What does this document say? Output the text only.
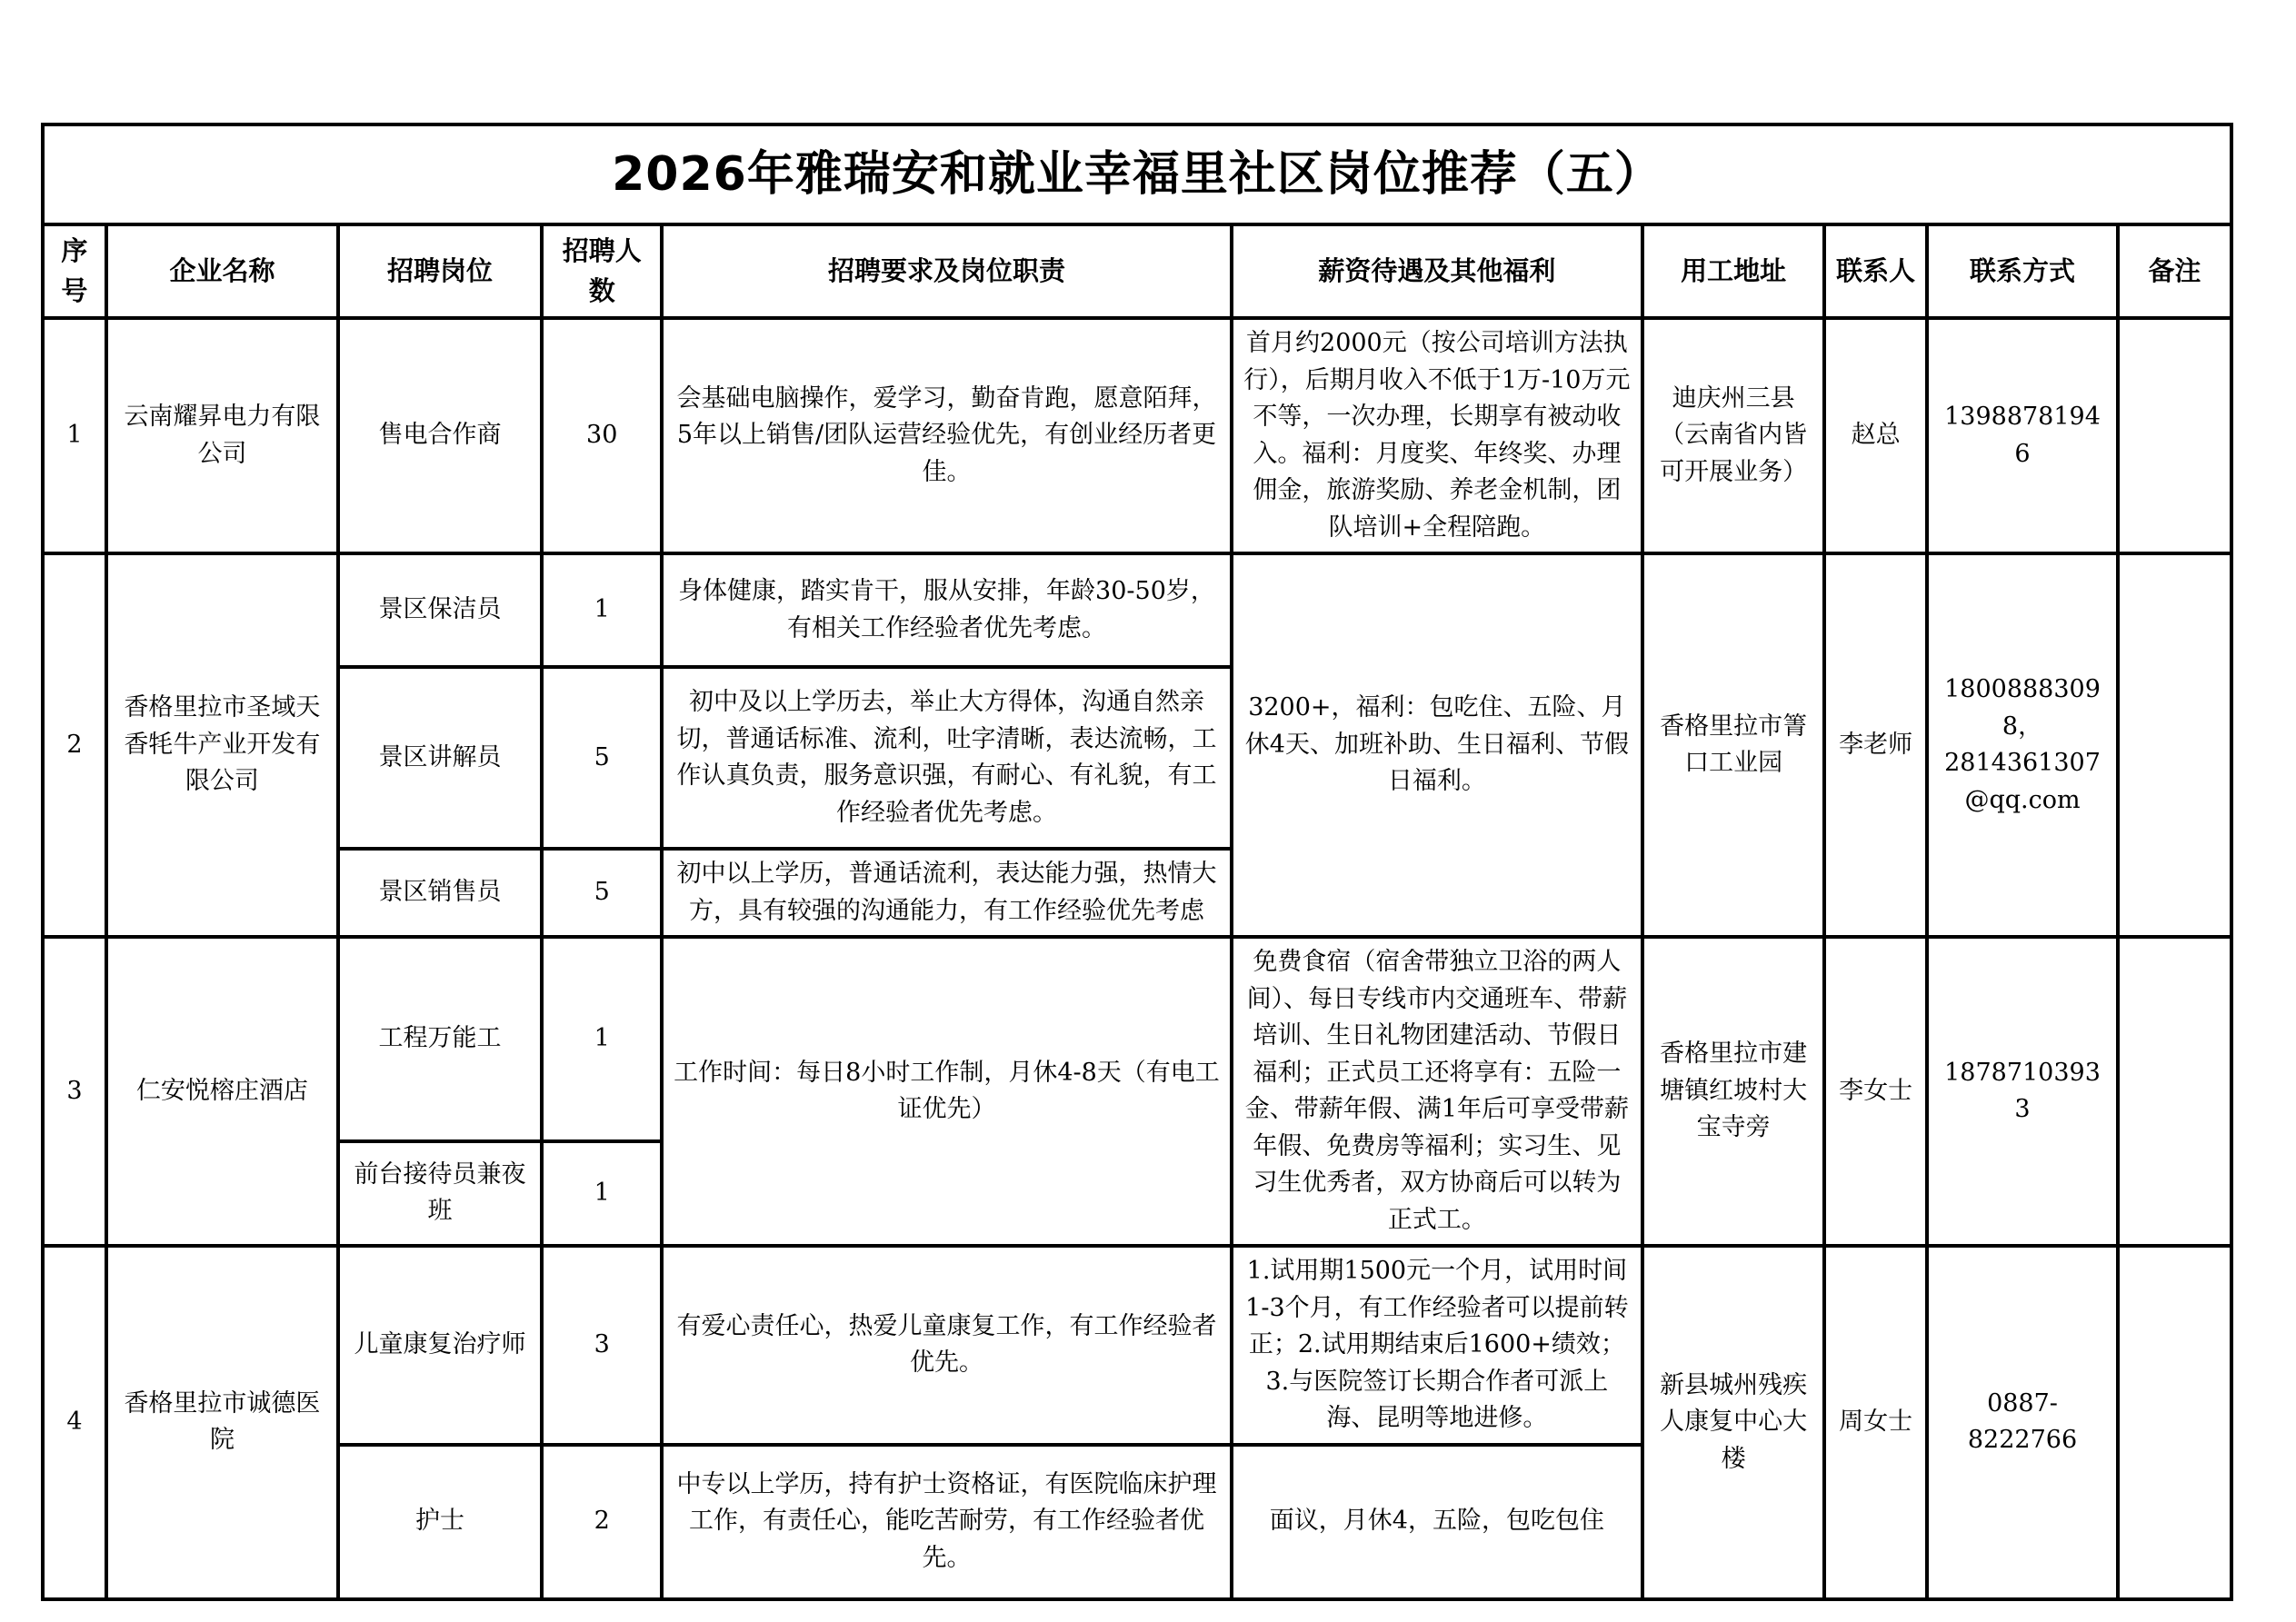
2026年雅瑞安和就业幸福里社区岗位推荐（五）									
序号	企业名称	招聘岗位	招聘人数	招聘要求及岗位职责	薪资待遇及其他福利	用工地址	联系人	联系方式	备注
1	云南耀昇电力有限公司	售电合作商	30	会基础电脑操作，爱学习，勤奋肯跑，愿意陌拜，5年以上销售/团队运营经验优先，有创业经历者更佳。	首月约2000元（按公司培训方法执行），后期月收入不低于1万-10万元不等，一次办理，长期享有被动收入。福利：月度奖、年终奖、办理佣金，旅游奖励、养老金机制，团队培训+全程陪跑。	迪庆州三县（云南省内皆可开展业务）	赵总	13988781946	
2	香格里拉市圣域天香牦牛产业开发有限公司	景区保洁员	1	身体健康，踏实肯干，服从安排，年龄30-50岁，有相关工作经验者优先考虑。	3200+，福利：包吃住、五险、月休4天、加班补助、生日福利、节假日福利。	香格里拉市箐口工业园	李老师	18008883098，2814361307@qq.com	
		景区讲解员	5	初中及以上学历去，举止大方得体，沟通自然亲切，普通话标准、流利，吐字清晰，表达流畅，工作认真负责，服务意识强，有耐心、有礼貌，有工作经验者优先考虑。					
		景区销售员	5	初中以上学历，普通话流利，表达能力强，热情大方，具有较强的沟通能力，有工作经验优先考虑					
3	仁安悦榕庄酒店	工程万能工	1	工作时间：每日8小时工作制，月休4-8天（有电工证优先）	免费食宿（宿舍带独立卫浴的两人间）、每日专线市内交通班车、带薪培训、生日礼物团建活动、节假日福利；正式员工还将享有：五险一金、带薪年假、满1年后可享受带薪年假、免费房等福利；实习生、见习生优秀者，双方协商后可以转为正式工。	香格里拉市建塘镇红坡村大宝寺旁	李女士	18787103933	
		前台接待员兼夜班	1						
4	香格里拉市诚德医院	儿童康复治疗师	3	有爱心责任心，热爱儿童康复工作，有工作经验者优先。	1.试用期1500元一个月，试用时间1-3个月，有工作经验者可以提前转正；2.试用期结束后1600+绩效；3.与医院签订长期合作者可派上海、昆明等地进修。	新县城州残疾人康复中心大楼	周女士	0887-8222766	
		护士	2	中专以上学历，持有护士资格证，有医院临床护理工作，有责任心，能吃苦耐劳，有工作经验者优先。	面议，月休4，五险，包吃包住				
